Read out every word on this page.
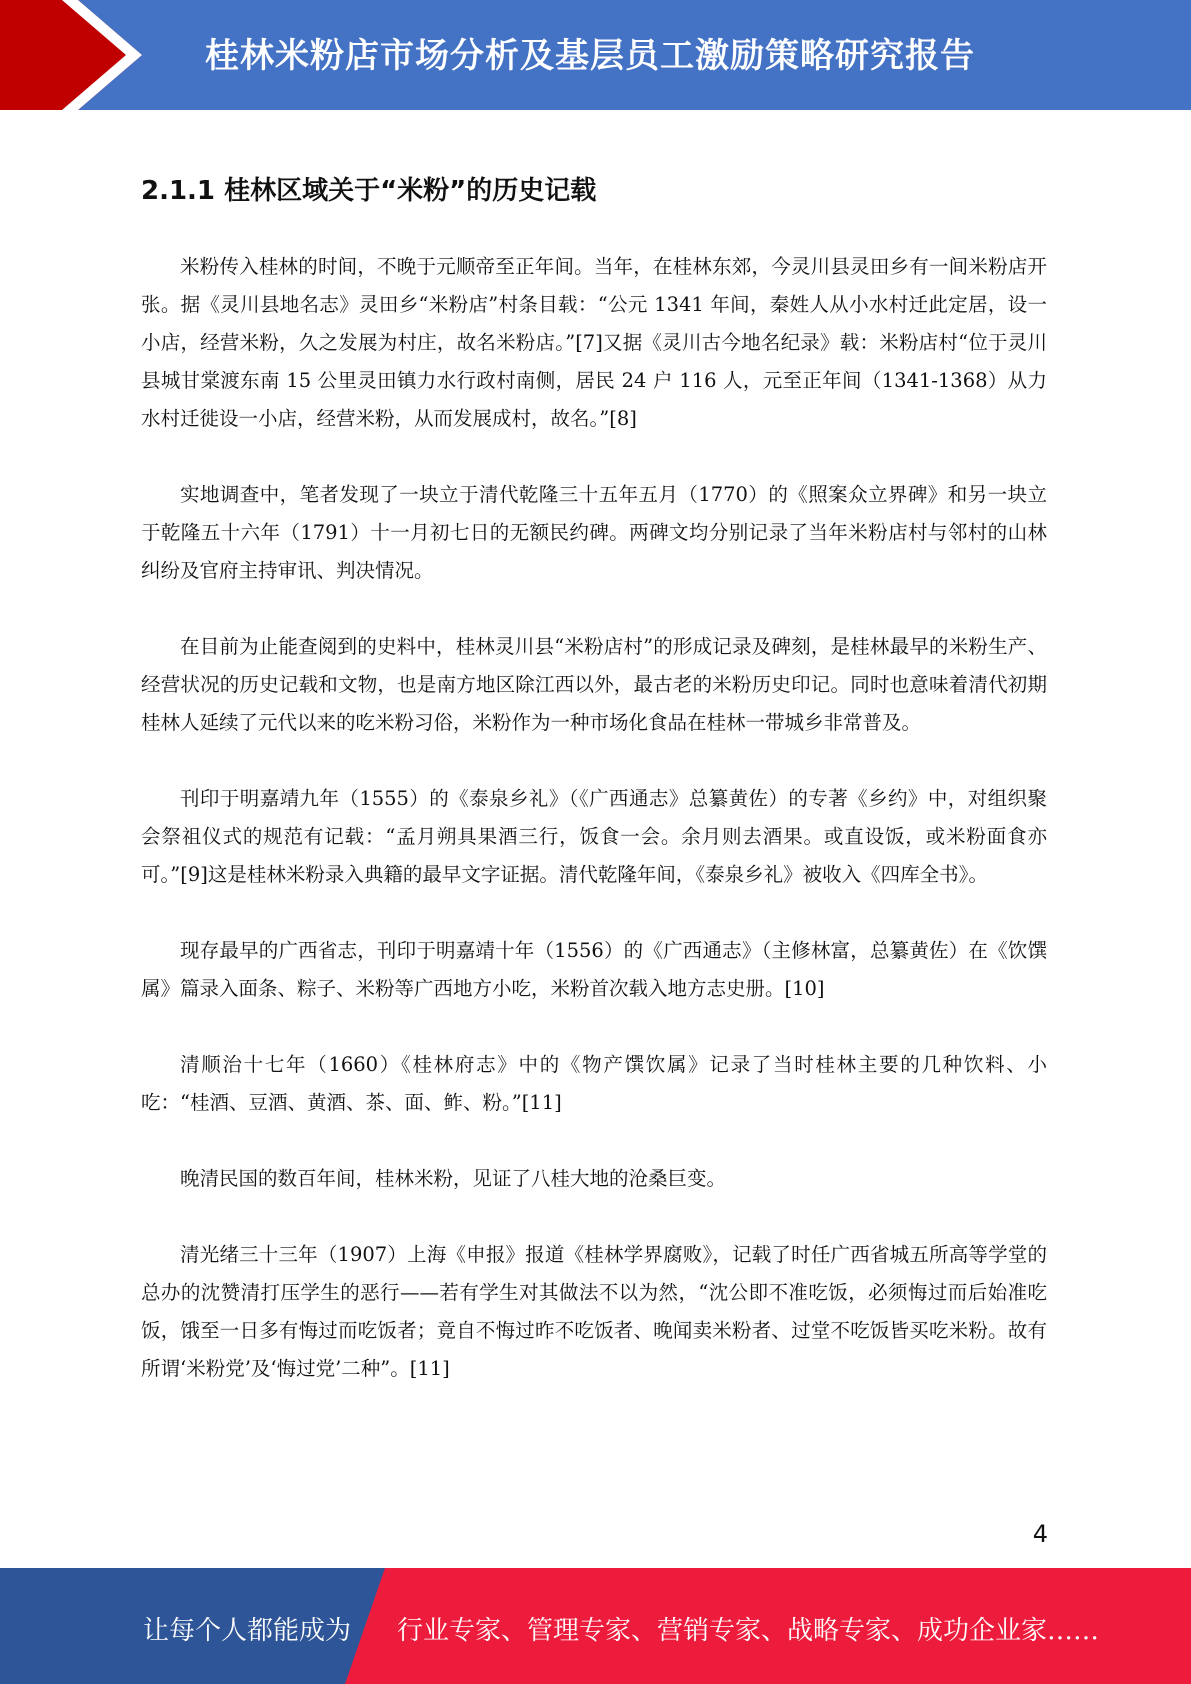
桂林米粉店市场分析及基层员工激励策略研究报告
2.1.1 桂林区域关于“米粉”的历史记载

米粉传入桂林的时间，不晚于元顺帝至正年间。当年，在桂林东郊，今灵川县灵田乡有一间米粉店开张。据《灵川县地名志》灵田乡“米粉店”村条目载：“公元 1341 年间，秦姓人从小水村迁此定居，设一小店，经营米粉，久之发展为村庄，故名米粉店。”[7]又据《灵川古今地名纪录》载：米粉店村“位于灵川县城甘棠渡东南 15 公里灵田镇力水行政村南侧，居民 24 户 116 人，元至正年间（1341-1368）从力水村迁徙设一小店，经营米粉，从而发展成村，故名。”[8]

实地调查中，笔者发现了一块立于清代乾隆三十五年五月（1770）的《照案众立界碑》和另一块立于乾隆五十六年（1791）十一月初七日的无额民约碑。两碑文均分别记录了当年米粉店村与邻村的山林纠纷及官府主持审讯、判决情况。

在目前为止能查阅到的史料中，桂林灵川县“米粉店村”的形成记录及碑刻，是桂林最早的米粉生产、经营状况的历史记载和文物，也是南方地区除江西以外，最古老的米粉历史印记。同时也意味着清代初期桂林人延续了元代以来的吃米粉习俗，米粉作为一种市场化食品在桂林一带城乡非常普及。

刊印于明嘉靖九年（1555）的《泰泉乡礼》（《广西通志》总纂黄佐）的专著《乡约》中，对组织聚会祭祖仪式的规范有记载：“孟月朔具果酒三行，饭食一会。余月则去酒果。或直设饭，或米粉面食亦可。”[9]这是桂林米粉录入典籍的最早文字证据。清代乾隆年间，《泰泉乡礼》被收入《四库全书》。

现存最早的广西省志，刊印于明嘉靖十年（1556）的《广西通志》（主修林富，总纂黄佐）在《饮馔属》篇录入面条、粽子、米粉等广西地方小吃，米粉首次载入地方志史册。[10]

清顺治十七年（1660）《桂林府志》中的《物产馔饮属》记录了当时桂林主要的几种饮料、小吃：“桂酒、豆酒、黄酒、茶、面、鲊、粉。”[11]

晚清民国的数百年间，桂林米粉，见证了八桂大地的沧桑巨变。

清光绪三十三年（1907）上海《申报》报道《桂林学界腐败》，记载了时任广西省城五所高等学堂的总办的沈赞清打压学生的恶行——若有学生对其做法不以为然，“沈公即不准吃饭，必须悔过而后始准吃饭，饿至一日多有悔过而吃饭者；竟自不悔过昨不吃饭者、晚闻卖米粉者、过堂不吃饭皆买吃米粉。故有所谓‘米粉党’及‘悔过党’二种”。[11]

4
让每个人都能成为 行业专家、管理专家、营销专家、战略专家、成功企业家……
